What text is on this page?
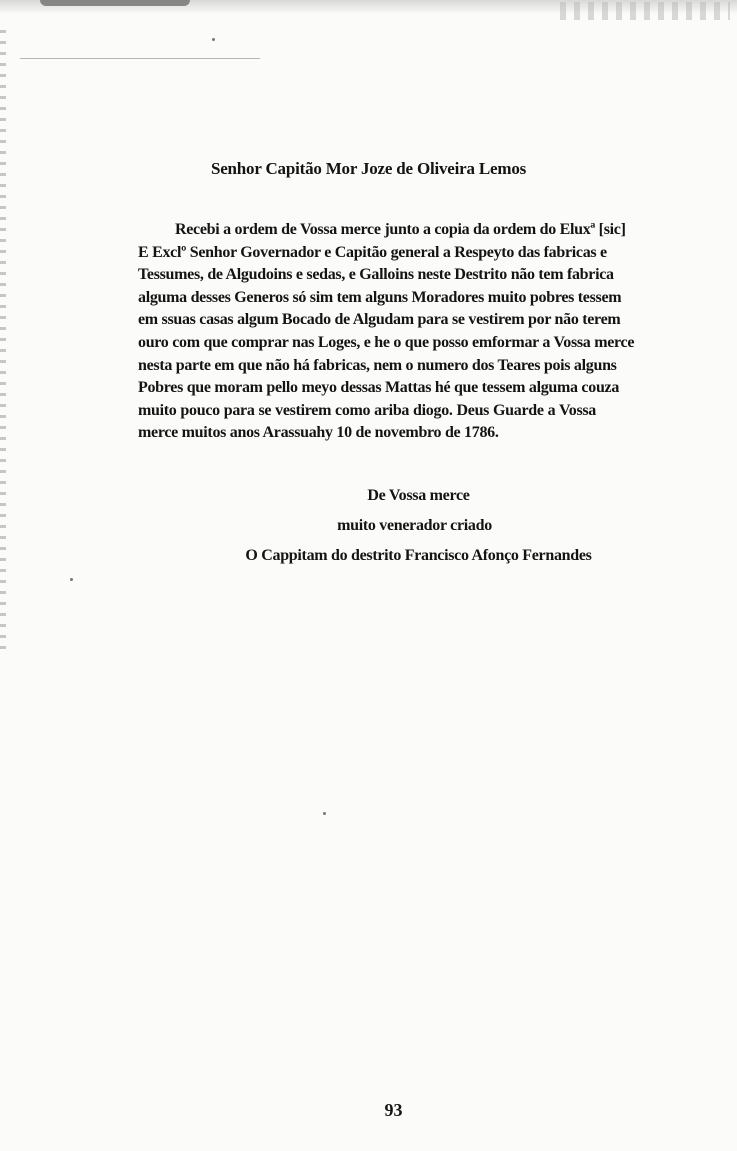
Senhor Capitão Mor Joze de Oliveira Lemos
Recebi a ordem de Vossa merce junto a copia da ordem do Eluxª [sic]
E Exclº Senhor Governador e Capitão general a Respeyto das fabricas e
Tessumes, de Algudoins e sedas, e Galloins neste Destrito não tem fabrica
alguma desses Generos só sim tem alguns Moradores muito pobres tessem
em ssuas casas algum Bocado de Algudam para se vestirem por não terem
ouro com que comprar nas Loges, e he o que posso emformar a Vossa merce
nesta parte em que não há fabricas, nem o numero dos Teares pois alguns
Pobres que moram pello meyo dessas Mattas hé que tessem alguma couza
muito pouco para se vestirem como ariba diogo. Deus Guarde a Vossa
merce muitos anos Arassuahy 10 de novembro de 1786.
De Vossa merce
muito venerador criado
O Cappitam do destrito Francisco Afonço Fernandes
93
